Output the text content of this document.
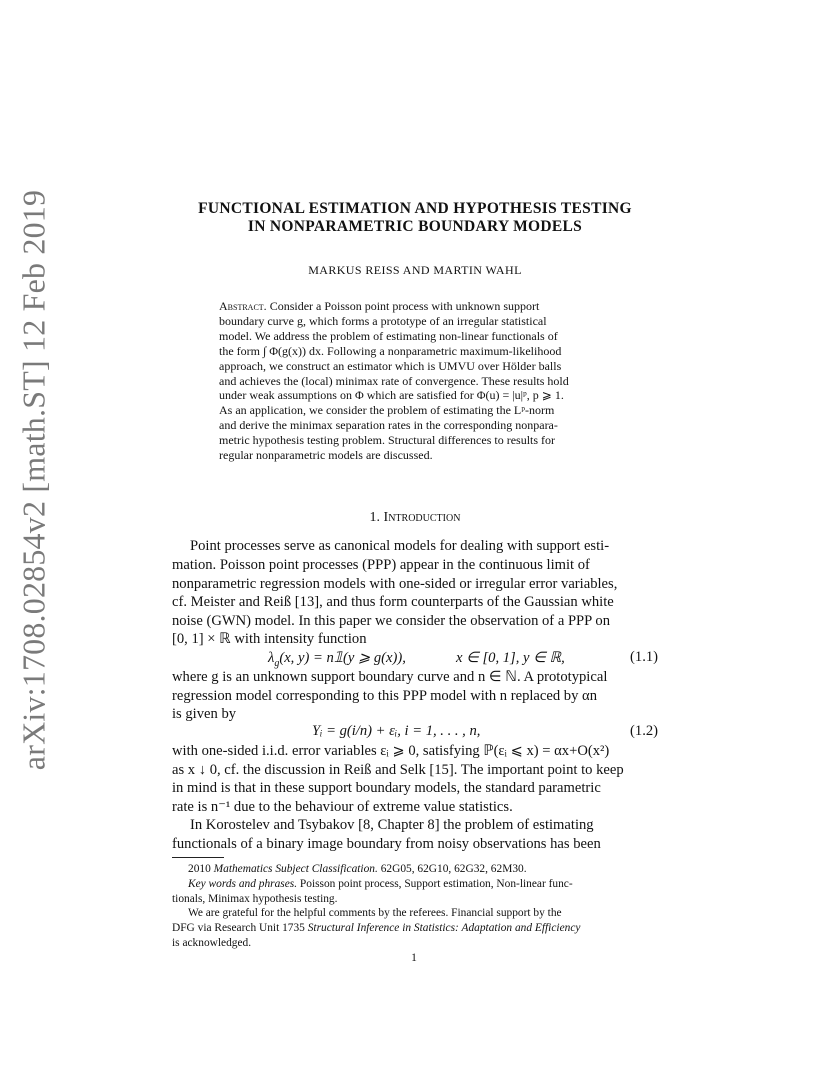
arXiv:1708.02854v2 [math.ST] 12 Feb 2019	FUNCTIONAL ESTIMATION AND HYPOTHESIS TESTING
IN NONPARAMETRIC BOUNDARY MODELS
MARKUS REISS AND MARTIN WAHL
Abstract. Consider a Poisson point process with unknown support
boundary curve g, which forms a prototype of an irregular statistical
model. We address the problem of estimating non-linear functionals of
the form ∫ Φ(g(x)) dx. Following a nonparametric maximum-likelihood
approach, we construct an estimator which is UMVU over Hölder balls
and achieves the (local) minimax rate of convergence. These results hold
under weak assumptions on Φ which are satisfied for Φ(u) = |u|ᵖ, p ⩾ 1.
As an application, we consider the problem of estimating the Lᵖ-norm
and derive the minimax separation rates in the corresponding nonpara-
metric hypothesis testing problem. Structural differences to results for
regular nonparametric models are discussed.
1. Introduction
Point processes serve as canonical models for dealing with support esti-
mation. Poisson point processes (PPP) appear in the continuous limit of
nonparametric regression models with one-sided or irregular error variables,
cf. Meister and Reiß [13], and thus form counterparts of the Gaussian white
noise (GWN) model. In this paper we consider the observation of a PPP on
[0, 1] × ℝ with intensity function
$\lambda_g(x$, y) = n𝟙(y ⩾ g(x)),	x ∈ [0, 1], y ∈ ℝ,	(1.1)
where g is an unknown support boundary curve and n ∈ ℕ. A prototypical
regression model corresponding to this PPP model with n replaced by αn
is given by
Yᵢ = g(i/n) + εᵢ, i = 1, . . . , n,	(1.2)
with one-sided i.i.d. error variables εᵢ ⩾ 0, satisfying ℙ(εᵢ ⩽ x) = αx+O(x²)
as x ↓ 0, cf. the discussion in Reiß and Selk [15]. The important point to keep
in mind is that in these support boundary models, the standard parametric
rate is n⁻¹ due to the behaviour of extreme value statistics.
In Korostelev and Tsybakov [8, Chapter 8] the problem of estimating
functionals of a binary image boundary from noisy observations has been
2010 Mathematics Subject Classification. 62G05, 62G10, 62G32, 62M30.
Key words and phrases. Poisson point process, Support estimation, Non-linear func-
tionals, Minimax hypothesis testing.
We are grateful for the helpful comments by the referees. Financial support by the
DFG via Research Unit 1735 Structural Inference in Statistics: Adaptation and Efficiency
is acknowledged.
1
